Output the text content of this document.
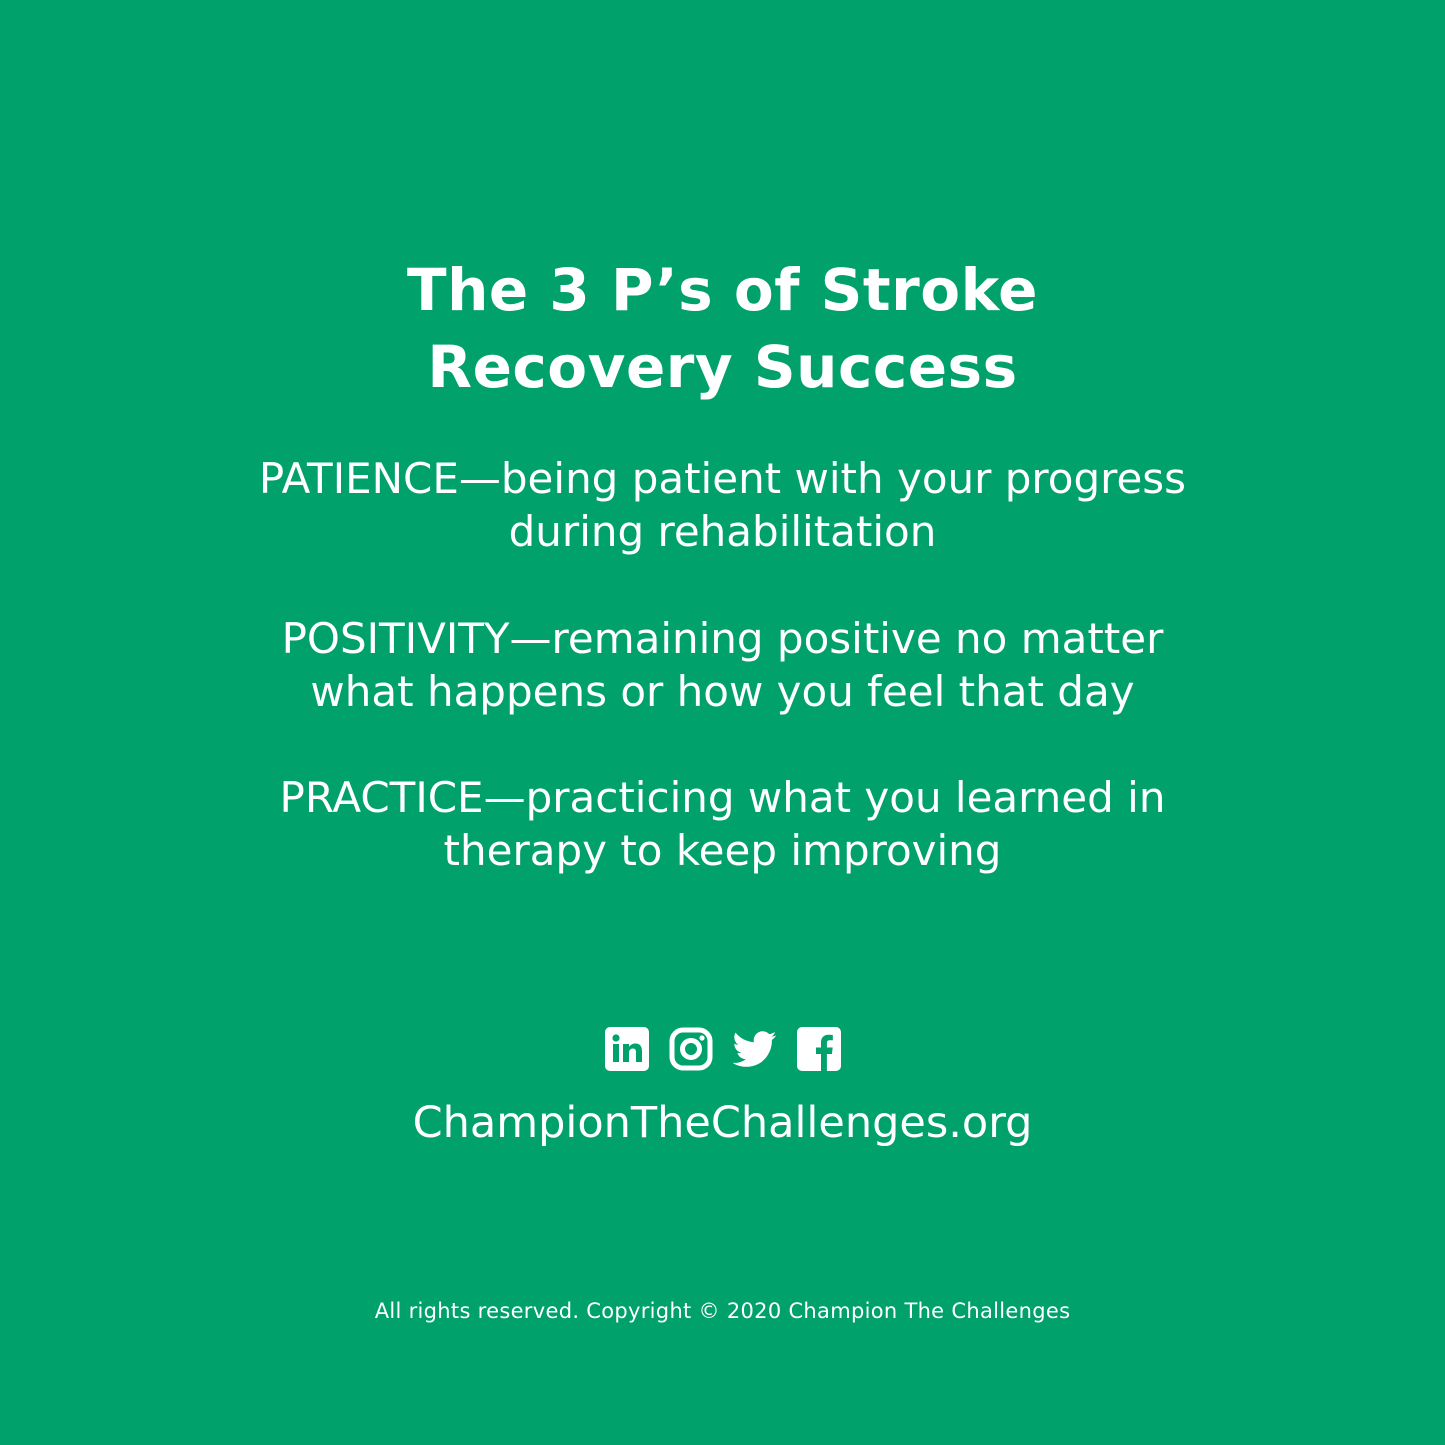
The 3 P’s of Stroke
Recovery Success
PATIENCE—being patient with your progress
during rehabilitation
POSITIVITY—remaining positive no matter
what happens or how you feel that day
PRACTICE—practicing what you learned in
therapy to keep improving
ChampionTheChallenges.org
All rights reserved. Copyright © 2020 Champion The Challenges
